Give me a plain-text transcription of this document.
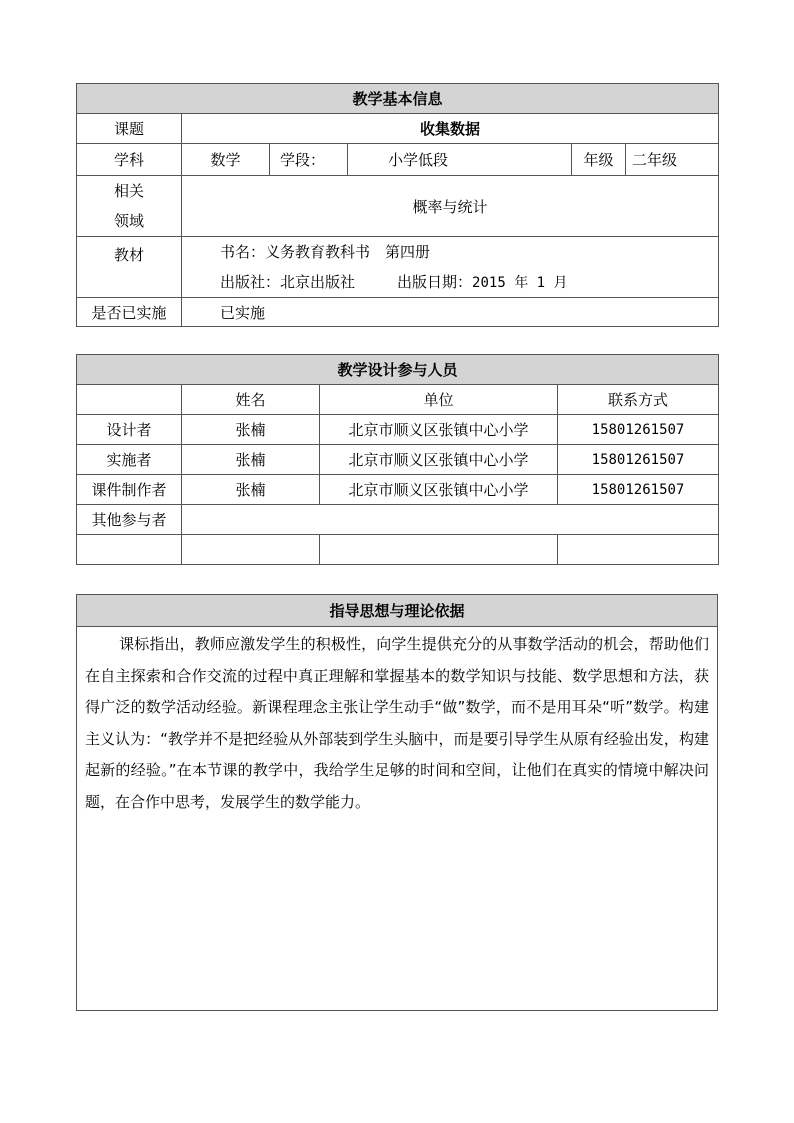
教学基本信息					
课题	收集数据				
学科	数学	学段：	小学低段	年级	二年级
相关
领域	概率与统计				
教材	书名：义务教育教科书　第四册
出版社：北京出版社 出版日期：2015 年 1 月				

是否已实施	已实施				
教学设计参与人员			
	姓名	单位	联系方式
设计者	张楠	北京市顺义区张镇中心小学	15801261507
实施者	张楠	北京市顺义区张镇中心小学	15801261507
课件制作者	张楠	北京市顺义区张镇中心小学	15801261507
其他参与者			

指导思想与理论依据
课标指出，教师应激发学生的积极性，向学生提供充分的从事数学活动的机会，帮助他们在自主探索和合作交流的过程中真正理解和掌握基本的数学知识与技能、数学思想和方法，获得广泛的数学活动经验。新课程理念主张让学生动手“做”数学，而不是用耳朵“听”数学。构建主义认为：“教学并不是把经验从外部装到学生头脑中，而是要引导学生从原有经验出发，构建起新的经验。”在本节课的教学中，我给学生足够的时间和空间，让他们在真实的情境中解决问题，在合作中思考，发展学生的数学能力。
